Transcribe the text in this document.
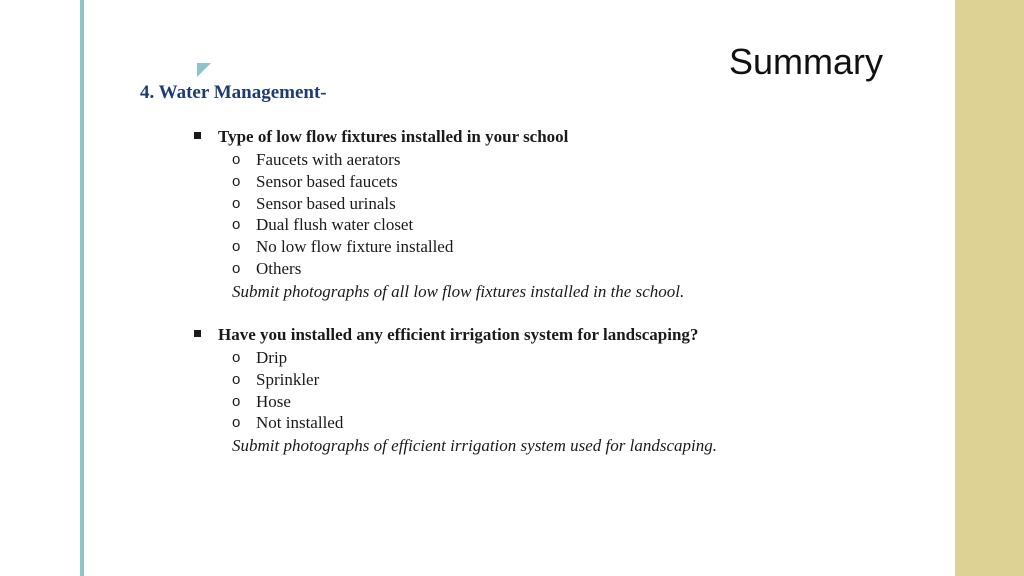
Summary
4. Water Management-
Type of low flow fixtures installed in your school
o Faucets with aerators
o Sensor based faucets
o Sensor based urinals
o Dual flush water closet
o No low flow fixture installed
o Others
Submit photographs of all low flow fixtures installed in the school.
Have you installed any efficient irrigation system for landscaping?
o Drip
o Sprinkler
o Hose
o Not installed
Submit photographs of efficient irrigation system used for landscaping.
